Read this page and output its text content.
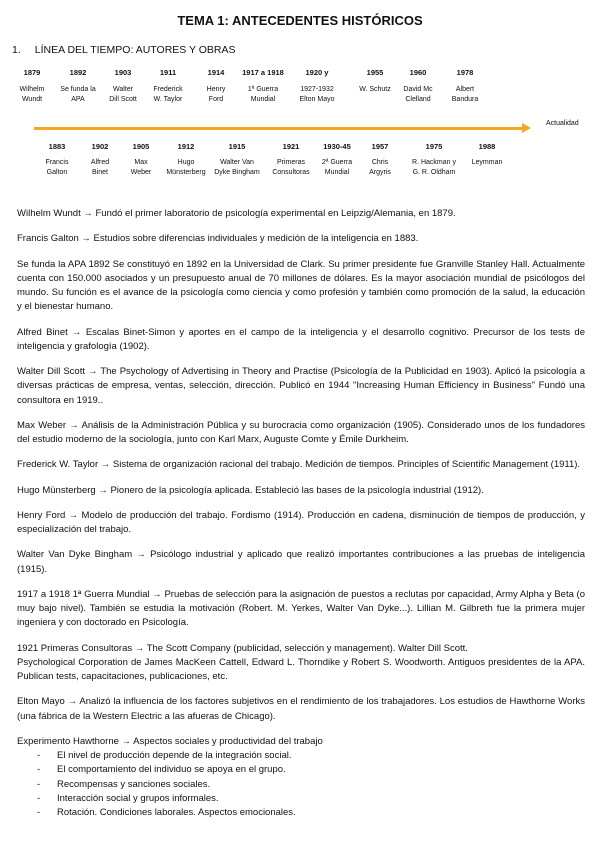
TEMA 1: ANTECEDENTES HISTÓRICOS
1. LÍNEA DEL TIEMPO: AUTORES Y OBRAS
Actualidad
1879
Wilhelm
Wundt
1892
Se funda la
APA
1903
Walter
Dill Scott
1911
Frederick
W. Taylor
1914
Henry
Ford
1917 a 1918
1ª Guerra
Mundial
1920 y
1927-1932
Elton Mayo
1955
W. Schutz
1960
David Mc
Clelland
1978
Albert
Bandura
1883
Francis
Galton
1902
Alfred
Binet
1905
Max
Weber
1912
Hugo
Münsterberg
1915
Walter Van
Dyke Bingham
1921
Primeras
Consultoras
1930-45
2ª Guerra
Mundial
1957
Chris
Argyris
1975
R. Hackman y
G. R. Oldham
1988
Leymman

Wilhelm Wundt → Fundó el primer laboratorio de psicología experimental en Leipzig/Alemania, en 1879.

Francis Galton → Estudios sobre diferencias individuales y medición de la inteligencia en 1883.

Se funda la APA 1892 Se constituyó en 1892 en la Universidad de Clark. Su primer presidente fue Granville Stanley Hall. Actualmente cuenta con 150.000 asociados y un presupuesto anual de 70 millones de dólares. Es la mayor asociación mundial de psicólogos del mundo. Su función es el avance de la psicología como ciencia y como profesión y también como promoción de la salud, la educación y el bienestar humano.

Alfred Binet → Escalas Binet-Simon y aportes en el campo de la inteligencia y el desarrollo cognitivo. Precursor de los tests de inteligencia y grafología (1902).

Walter Dill Scott → The Psychology of Advertising in Theory and Practise (Psicología de la Publicidad en 1903). Aplicó la psicología a diversas prácticas de empresa, ventas, selección, dirección. Publicó en 1944 "Increasing Human Efficiency in Business" Fundó una consultora en 1919..

Max Weber → Análisis de la Administración Pública y su burocracia como organización (1905). Considerado unos de los fundadores del estudio moderno de la sociología, junto con Karl Marx, Auguste Comte y Émile Durkheim.

Frederick W. Taylor → Sistema de organización racional del trabajo. Medición de tiempos. Principles of Scientific Management (1911).

Hugo Münsterberg → Pionero de la psicología aplicada. Estableció las bases de la psicología industrial (1912).

Henry Ford → Modelo de producción del trabajo. Fordismo (1914). Producción en cadena, disminución de tiempos de producción, y especialización del trabajo.

Walter Van Dyke Bingham → Psicólogo industrial y aplicado que realizó importantes contribuciones a las pruebas de inteligencia (1915).

1917 a 1918 1ª Guerra Mundial → Pruebas de selección para la asignación de puestos a reclutas por capacidad, Army Alpha y Beta (o muy bajo nivel). También se estudia la motivación (Robert. M. Yerkes, Walter Van Dyke...). Lillian M. Gilbreth fue la primera mujer ingeniera y con doctorado en Psicología.

1921 Primeras Consultoras → The Scott Company (publicidad, selección y management). Walter Dill Scott.
Psychological Corporation de James MacKeen Cattell, Edward L. Thorndike y Robert S. Woodworth. Antiguos presidentes de la APA. Publican tests, capacitaciones, publicaciones, etc.

Elton Mayo → Analizó la influencia de los factores subjetivos en el rendimiento de los trabajadores. Los estudios de Hawthorne Works (una fábrica de la Western Electric a las afueras de Chicago).

Experimento Hawthorne → Aspectos sociales y productividad del trabajo
- El nivel de producción depende de la integración social.
- El comportamiento del individuo se apoya en el grupo.
- Recompensas y sanciones sociales.
- Interacción social y grupos informales.
- Rotación. Condiciones laborales. Aspectos emocionales.
